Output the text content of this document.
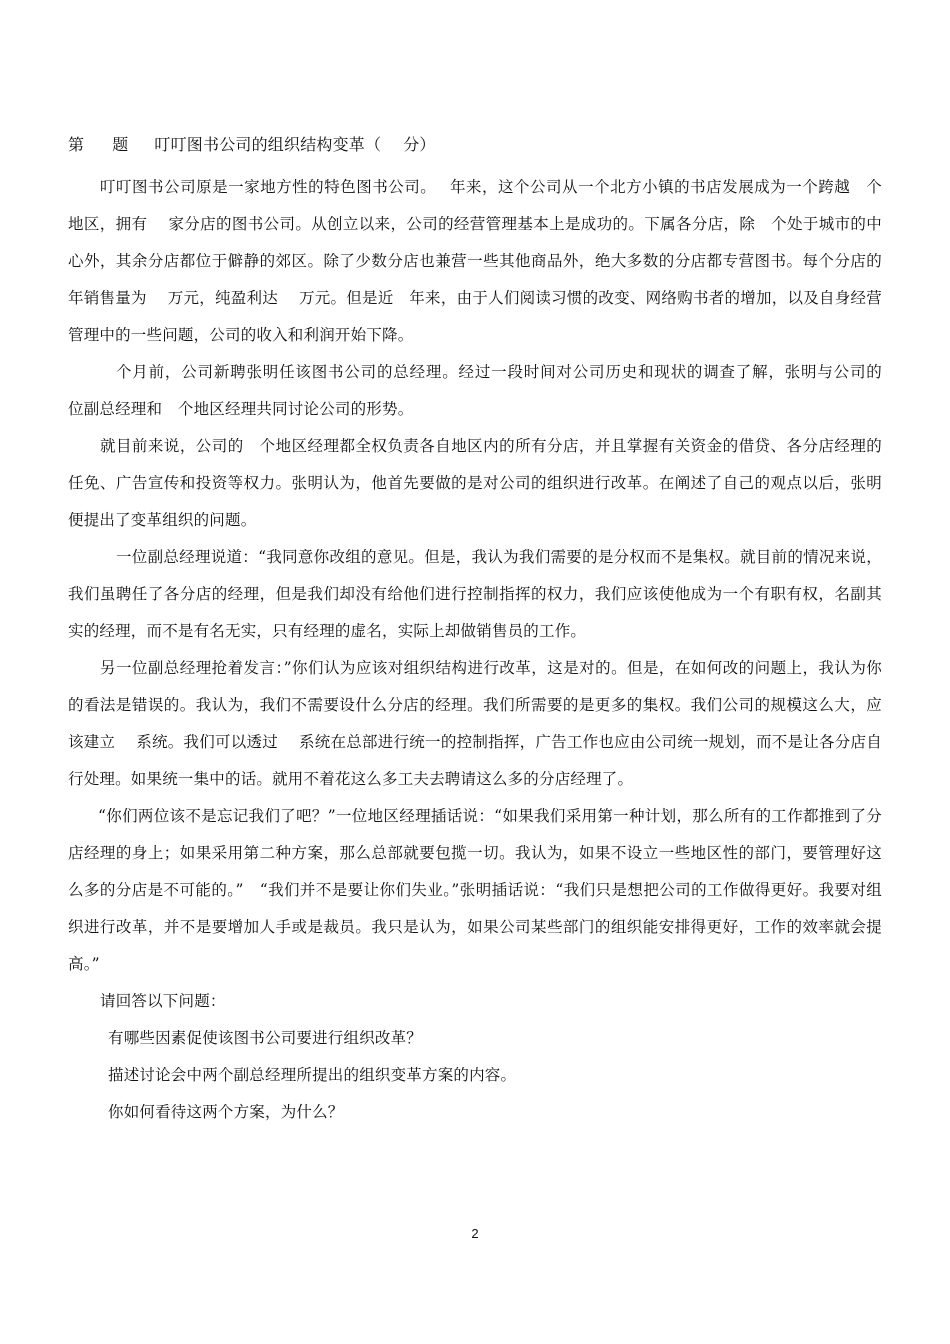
第 题 叮叮图书公司的组织结构变革（ 分）

叮叮图书公司原是一家地方性的特色图书公司。　 年来，这个公司从一个北方小镇的书店发展成为一个跨越　个地区，拥有　 家分店的图书公司。从创立以来，公司的经营管理基本上是成功的。下属各分店，除　个处于城市的中心外，其余分店都位于僻静的郊区。除了少数分店也兼营一些其他商品外，绝大多数的分店都专营图书。每个分店的年销售量为　 万元，纯盈利达　 万元。但是近　年来，由于人们阅读习惯的改变、网络购书者的增加，以及自身经营管理中的一些问题，公司的收入和利润开始下降。

个月前，公司新聘张明任该图书公司的总经理。经过一段时间对公司历史和现状的调查了解，张明与公司的　位副总经理和　个地区经理共同讨论公司的形势。

就目前来说，公司的　个地区经理都全权负责各自地区内的所有分店，并且掌握有关资金的借贷、各分店经理的任免、广告宣传和投资等权力。张明认为，他首先要做的是对公司的组织进行改革。在阐述了自己的观点以后，张明便提出了变革组织的问题。

一位副总经理说道：“我同意你改组的意见。但是，我认为我们需要的是分权而不是集权。就目前的情况来说，我们虽聘任了各分店的经理，但是我们却没有给他们进行控制指挥的权力，我们应该使他成为一个有职有权，名副其实的经理，而不是有名无实，只有经理的虚名，实际上却做销售员的工作。

另一位副总经理抢着发言：”你们认为应该对组织结构进行改革，这是对的。但是，在如何改的问题上，我认为你的看法是错误的。我认为，我们不需要设什么分店的经理。我们所需要的是更多的集权。我们公司的规模这么大，应该建立　 系统。我们可以透过　 系统在总部进行统一的控制指挥，广告工作也应由公司统一规划，而不是让各分店自行处理。如果统一集中的话。就用不着花这么多工夫去聘请这么多的分店经理了。

“你们两位该不是忘记我们了吧？”一位地区经理插话说：“如果我们采用第一种计划，那么所有的工作都推到了分店经理的身上；如果采用第二种方案，那么总部就要包揽一切。我认为，如果不设立一些地区性的部门，要管理好这么多的分店是不可能的。”　“我们并不是要让你们失业。”张明插话说：“我们只是想把公司的工作做得更好。我要对组织进行改革，并不是要增加人手或是裁员。我只是认为，如果公司某些部门的组织能安排得更好，工作的效率就会提高。”

请回答以下问题：

有哪些因素促使该图书公司要进行组织改革？

描述讨论会中两个副总经理所提出的组织变革方案的内容。

你如何看待这两个方案，为什么？

2
